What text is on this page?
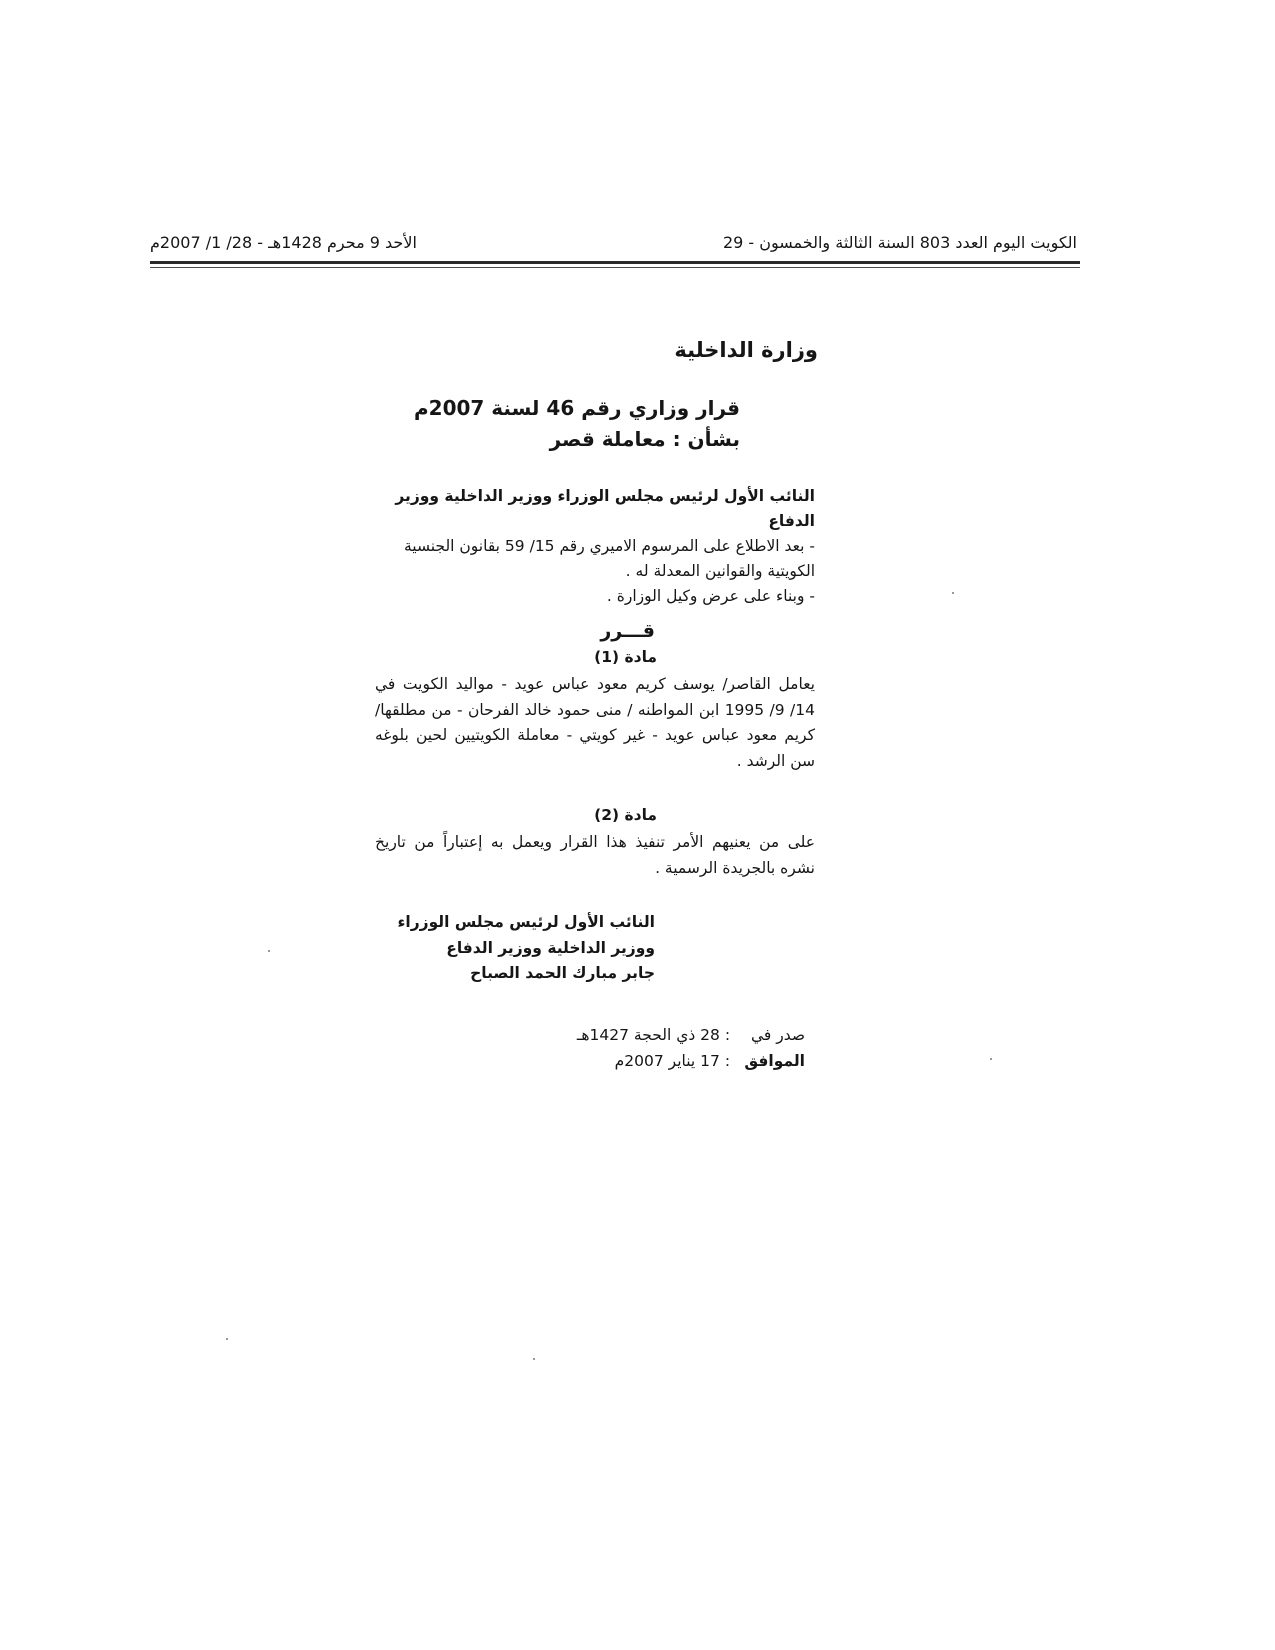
الكويت اليوم العدد 803 السنة الثالثة والخمسون - 29
الأحد 9 محرم 1428هـ - 28/ 1/ 2007م
وزارة الداخلية
قرار وزاري رقم 46 لسنة 2007م
بشأن : معاملة قصر

النائب الأول لرئيس مجلس الوزراء ووزير الداخلية ووزير الدفاع

- بعد الاطلاع على المرسوم الاميري رقم 15/ 59 بقانون الجنسية الكويتية والقوانين المعدلة له .

- وبناء على عرض وكيل الوزارة .

قـــرر
مادة (1)
يعامل القاصر/ يوسف كريم معود عباس عويد - مواليد الكويت في 14/ 9/ 1995 ابن المواطنه / منى حمود خالد الفرحان - من مطلقها/ كريم معود عباس عويد - غير كويتي - معاملة الكويتيين لحين بلوغه سن الرشد .
مادة (2)
على من يعنيهم الأمر تنفيذ هذا القرار ويعمل به إعتباراً من تاريخ نشره بالجريدة الرسمية .
النائب الأول لرئيس مجلس الوزراء
ووزير الداخلية ووزير الدفاع
جابر مبارك الحمد الصباح
صدر في : 28 ذي الحجة 1427هـ
الموافق : 17 يناير 2007م
